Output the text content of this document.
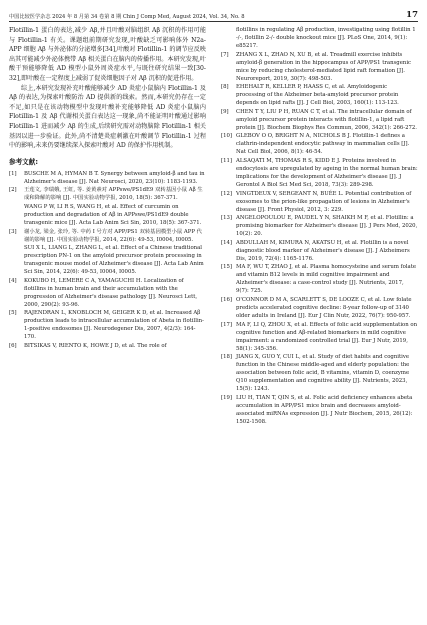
中国比较医学杂志 2024 年 8 月第 34 卷第 8 期 Chin J Comp Med, August 2024, Vol. 34, No. 8	17

Flotillin-1 蛋白的表达,减少 Aβ,并且叶酸对脑组织 Aβ 沉积的作用可能与 Flotillin-1 有关。课题组前期研究发现,叶酸缺乏可影响体外 N2a-APP 细胞 Aβ 与外泌体的分泌增多[34],叶酸对 Flotillin-1 的调节应反映出其可能减少外泌体携带 Aβ 相关蛋白在脑内的传播作用。本研究发现,叶酸干预能够降低 AD 模型小鼠外周炎症水平,与既往研究结果一致[30-32],即叶酸在一定程度上减弱了促炎细胞因子对 Aβ 沉积的促进作用。

综上,本研究发现补充叶酸能够减少 AD 炎症小鼠脑内 Flotillin-1 及 Aβ 的表达,为探索叶酸防治 AD 提供新的线索。然而,本研究仍存在一定不足,如只是在该动物模型中发现叶酸补充能够降低 AD 炎症小鼠脑内 Flotillin-1 及 Aβ 代谢相关蛋白表达这一现象,尚不能证明叶酸通过影响 Flotillin-1 进而减少 Aβ 的生成,后续研究需对动物脑除 Flotillin-1 相关基因以进一步验证。此外,尚不清楚炎症刺激在叶酸调节 Flotillin-1 过程中的影响,未来仍要继续深入探索叶酸对 AD 的保护作用机制。

参考文献:
[1]	BUSCHE M A, HYMAN B T. Synergy between amyloid-β and tau in Alzheimer's disease [J]. Nat Neurosci, 2020, 23(10): 1183-1193.
[2]	王莲文, 李瑞娥, 王虹, 等. 姜黄素对 APPswe/PS1dE9 双转基因小鼠 Aβ 生成和降解的影响 [J]. 中国实验动物学报, 2010, 18(5): 367-371.
WANG P W, LI R S, WANG H, et al. Effect of curcumin on production and degradation of Aβ in APPswe/PS1dE9 double transgenic mice [J]. Acta Lab Anim Sci Sin, 2010, 18(5): 367-371.
[3]	谢小龙, 梁金, 张玲, 等. 中药 I 号方对 APP/PS1 双转基因模型小鼠 APP 代谢的影响 [J]. 中国实验动物学报, 2014, 22(6): 49-53, I0004, I0005.
SUI X L, LIANG L, ZHANG L, et al. Effect of a Chinese traditional prescription PN-1 on the amyloid precursor protein processing in transgenic mouse model of Alzheimer's disease [J]. Acta Lab Anim Sci Sin, 2014, 22(6): 49-53, I0004, I0005.
[4]	KOKUBO H, LEMERE C A, YAMAGUCHI H. Localization of flotillins in human brain and their accumulation with the progression of Alzheimer's disease pathology [J]. Neurosci Lett, 2000, 290(2): 93-96.
[5]	RAJENDRAN L, KNOBLOCH M, GEIGER K D, et al. Increased Aβ production leads to intracellular accumulation of Abeta in flotillin-1-positive endosomes [J]. Neurodegener Dis, 2007, 4(2/3): 164-170.
[6]	BITSIKAS V, RIENTO K, HOWE J D, et al. The role of
flotillins in regulating Aβ production, investigating using flotillin 1 -/-, flotillin 2-/- double knockout mice [J]. PLoS One, 2014, 9(1): e85217.
[7]	ZHANG X L, ZHAO N, XU B, et al. Treadmill exercise inhibits amyloid-β generation in the hippocampus of APP/PS1 transgenic mice by reducing cholesterol-mediated lipid raft formation [J]. Neuroreport, 2019, 30(7): 498-503.
[8]	EHEHALT R, KELLER P, HAASS C, et al. Amyloidogenic processing of the Alzheimer beta-amyloid precursor protein depends on lipid rafts [J]. J Cell Biol, 2003, 160(1): 113-123.
[9]	CHEN T Y, LIU P H, RUAN C T, et al. The intracellular domain of amyloid precursor protein interacts with flotillin-1, a lipid raft protein [J]. Biochem Biophys Res Commun, 2006, 342(1): 266-272.
[10] GLEBOV O O, BRIGHT N A, NICHOLS B J. Flotillin-1 defines a clathrin-independent endocytic pathway in mammalian cells [J]. Nat Cell Biol, 2006, 8(1): 46-54.
[11] ALSAQATI M, THOMAS R S, KIDD E J. Proteins involved in endocytosis are upregulated by ageing in the normal human brain: implications for the development of Alzheimer's disease [J]. J Gerontol A Biol Sci Med Sci, 2018, 73(3): 289-298.
[12] VINGTDEUX V, SERGEANT N, BUÉE L. Potential contribution of exosomes to the prion-like propagation of lesions in Alzheimer's disease [J]. Front Physiol, 2012, 3: 229.
[13] ANGELOPOULOU E, PAUDEL Y N, SHAIKH M F, et al. Flotillin: a promising biomarker for Alzheimer's disease [J]. J Pers Med, 2020, 10(2): 20.
[14] ABDULLAH M, KIMURA N, AKATSU H, et al. Flotillin is a novel diagnostic blood marker of Alzheimer's disease [J]. J Alzheimers Dis, 2019, 72(4): 1165-1176.
[15] MA F, WU T, ZHAO J, et al. Plasma homocysteine and serum folate and vitamin B12 levels in mild cognitive impairment and Alzheimer's disease: a case-control study [J]. Nutrients, 2017, 9(7): 725.
[16] O'CONNOR D M A, SCARLETT S, DE LOOZE C, et al. Low folate predicts accelerated cognitive decline: 8-year follow-up of 3140 older adults in Ireland [J]. Eur J Clin Nutr, 2022, 76(7): 950-957.
[17] MA F, LI Q, ZHOU X, et al. Effects of folic acid supplementation on cognitive function and Aβ-related biomarkers in mild cognitive impairment: a randomized controlled trial [J]. Eur J Nutr, 2019, 58(1): 345-356.
[18] JIANG X, GUO Y, CUI L, et al. Study of diet habits and cognitive function in the Chinese middle-aged and elderly population: the association between folic acid, B vitamins, vitamin D, coenzyme Q10 supplementation and cognitive ability [J]. Nutrients, 2023, 15(5): 1243.
[19] LIU H, TIAN T, QIN S, et al. Folic acid deficiency enhances abeta accumulation in APP/PS1 mice brain and decreases amyloid-associated miRNAs expression [J]. J Nutr Biochem, 2015, 26(12): 1502-1508.
